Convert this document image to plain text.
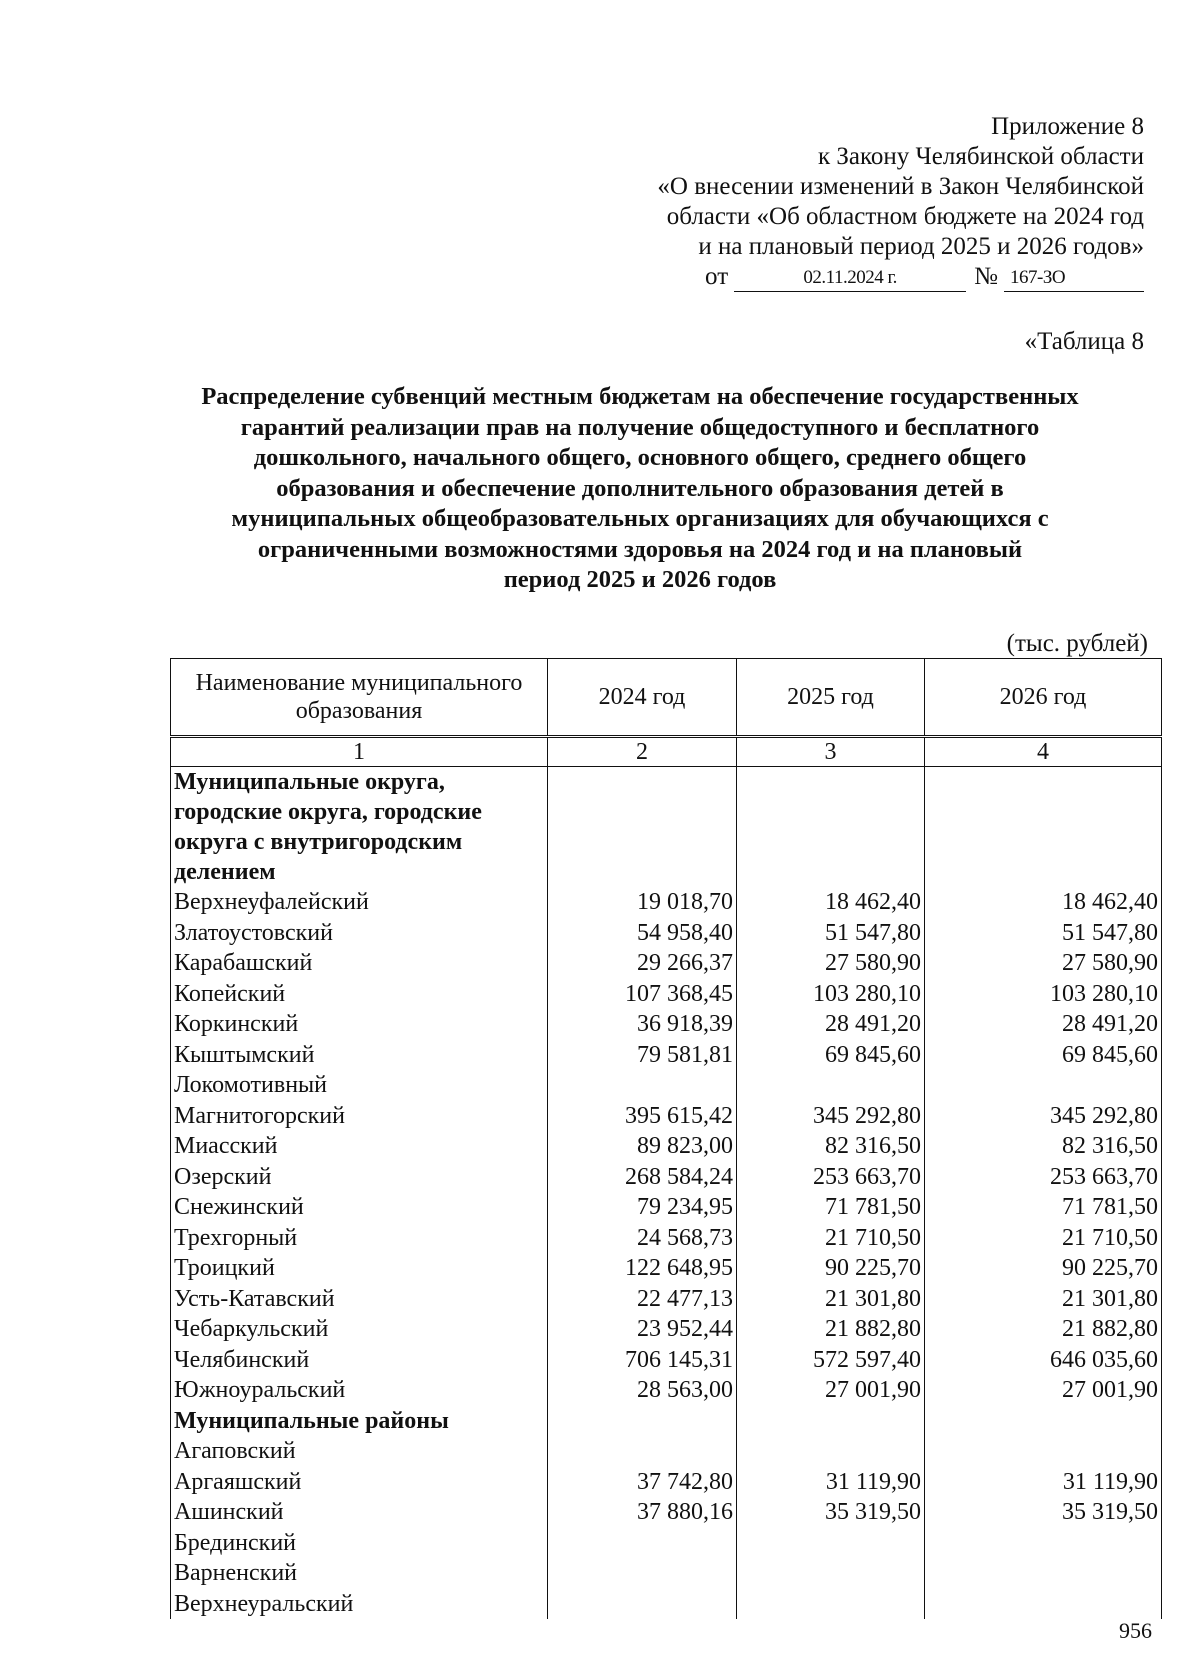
Приложение 8
к Закону Челябинской области
«О внесении изменений в Закон Челябинской
области «Об областном бюджете на 2024 год
и на плановый период 2025 и 2026 годов»
от	02.11.2024 г.	№ 167-ЗО
«Таблица 8
Распределение субвенций местным бюджетам на обеспечение государственных
гарантий реализации прав на получение общедоступного и бесплатного
дошкольного, начального общего, основного общего, среднего общего
образования и обеспечение дополнительного образования детей в
муниципальных общеобразовательных организациях для обучающихся с
ограниченными возможностями здоровья на 2024 год и на плановый
период 2025 и 2026 годов
(тыс. рублей)
Наименование муниципального образования	2024 год	2025 год	2026 год
1	2	3	4
Муниципальные округа, городские округа, городские округа с внутригородским делением			
Верхнеуфалейский	19 018,70	18 462,40	18 462,40
Златоустовский	54 958,40	51 547,80	51 547,80
Карабашский	29 266,37	27 580,90	27 580,90
Копейский	107 368,45	103 280,10	103 280,10
Коркинский	36 918,39	28 491,20	28 491,20
Кыштымский	79 581,81	69 845,60	69 845,60
Локомотивный			
Магнитогорский	395 615,42	345 292,80	345 292,80
Миасский	89 823,00	82 316,50	82 316,50
Озерский	268 584,24	253 663,70	253 663,70
Снежинский	79 234,95	71 781,50	71 781,50
Трехгорный	24 568,73	21 710,50	21 710,50
Троицкий	122 648,95	90 225,70	90 225,70
Усть-Катавский	22 477,13	21 301,80	21 301,80
Чебаркульский	23 952,44	21 882,80	21 882,80
Челябинский	706 145,31	572 597,40	646 035,60
Южноуральский	28 563,00	27 001,90	27 001,90
Муниципальные районы			
Агаповский			
Аргаяшский	37 742,80	31 119,90	31 119,90
Ашинский	37 880,16	35 319,50	35 319,50
Брединский			
Варненский			
Верхнеуральский			
956
